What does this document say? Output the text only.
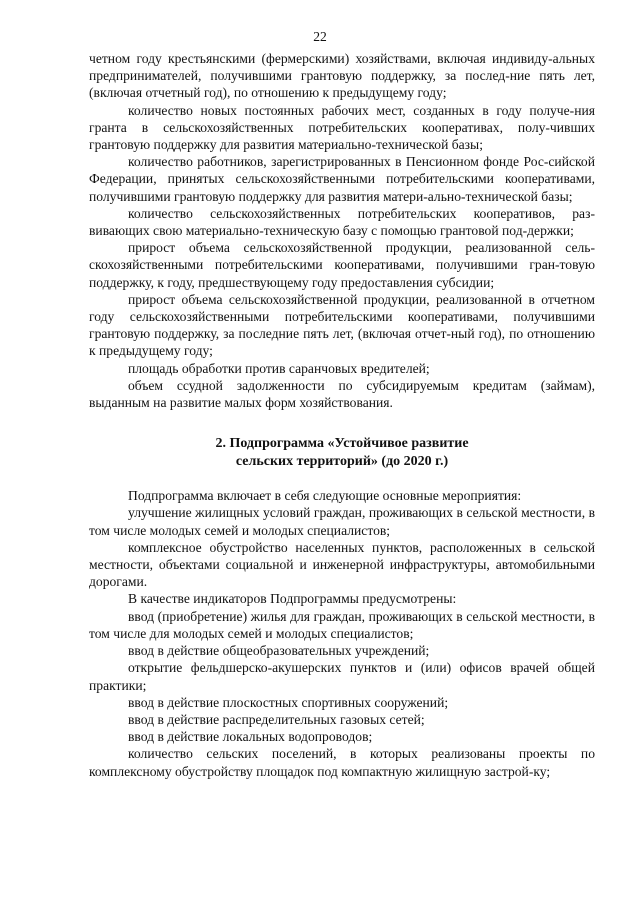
22

четном году крестьянскими (фермерскими) хозяйствами, включая индивиду-альных предпринимателей, получившими грантовую поддержку, за послед-ние пять лет, (включая отчетный год), по отношению к предыдущему году;

количество новых постоянных рабочих мест, созданных в году получе-ния гранта в сельскохозяйственных потребительских кооперативах, полу-чивших грантовую поддержку для развития материально-технической базы;

количество работников, зарегистрированных в Пенсионном фонде Рос-сийской Федерации, принятых сельскохозяйственными потребительскими кооперативами, получившими грантовую поддержку для развития матери-ально-технической базы;

количество сельскохозяйственных потребительских кооперативов, раз-вивающих свою материально-техническую базу с помощью грантовой под-держки;

прирост объема сельскохозяйственной продукции, реализованной сель-скохозяйственными потребительскими кооперативами, получившими гран-товую поддержку, к году, предшествующему году предоставления субсидии;

прирост объема сельскохозяйственной продукции, реализованной в отчетном году сельскохозяйственными потребительскими кооперативами, получившими грантовую поддержку, за последние пять лет, (включая отчет-ный год), по отношению к предыдущему году;

площадь обработки против саранчовых вредителей;

объем ссудной задолженности по субсидируемым кредитам (займам), выданным на развитие малых форм хозяйствования.

2. Подпрограмма «Устойчивое развитие
сельских территорий» (до 2020 г.)

Подпрограмма включает в себя следующие основные мероприятия:

улучшение жилищных условий граждан, проживающих в сельской местности, в том числе молодых семей и молодых специалистов;

комплексное обустройство населенных пунктов, расположенных в сельской местности, объектами социальной и инженерной инфраструктуры, автомобильными дорогами.

В качестве индикаторов Подпрограммы предусмотрены:

ввод (приобретение) жилья для граждан, проживающих в сельской местности, в том числе для молодых семей и молодых специалистов;

ввод в действие общеобразовательных учреждений;

открытие фельдшерско-акушерских пунктов и (или) офисов врачей общей практики;

ввод в действие плоскостных спортивных сооружений;

ввод в действие распределительных газовых сетей;

ввод в действие локальных водопроводов;

количество сельских поселений, в которых реализованы проекты по комплексному обустройству площадок под компактную жилищную застрой-ку;
